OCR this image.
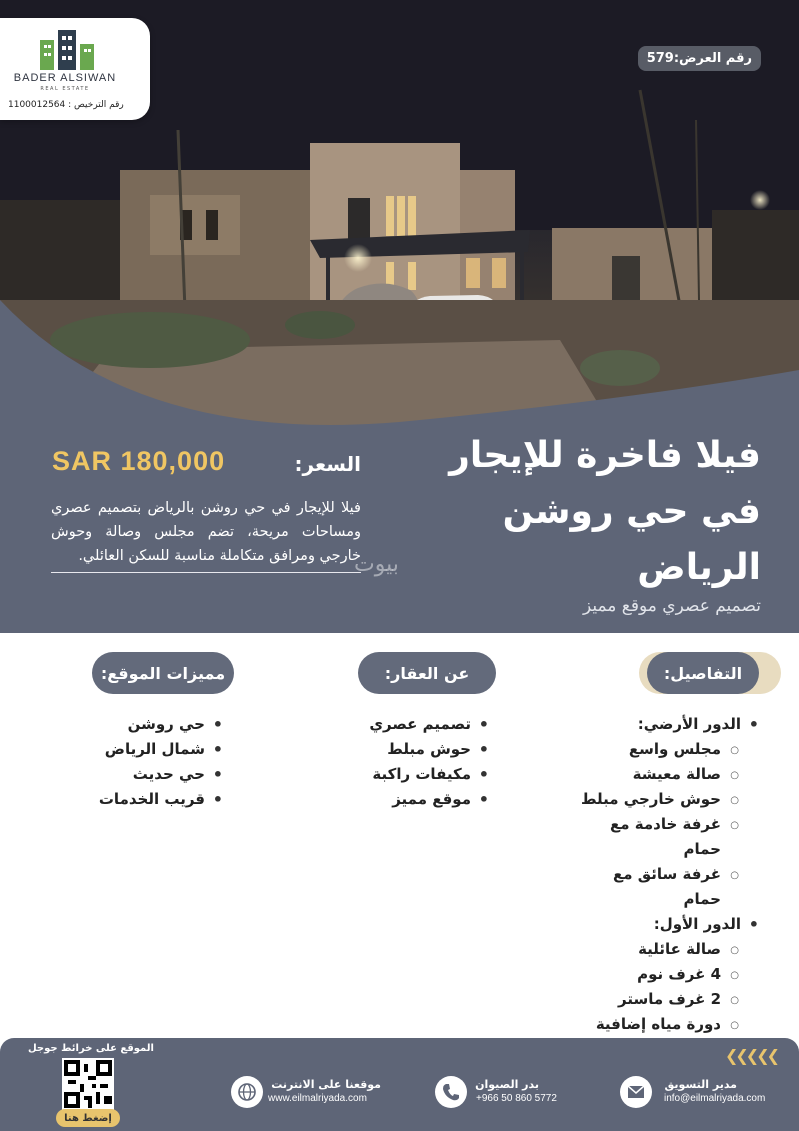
BADER ALSIWAN
REAL ESTATE
رقم الترخيص : 1100012564
رقم العرض:579
فيلا فاخرة للإيجار
في حي روشن
الرياض
تصميم عصري موقع مميز
السعر:
SAR 180,000
فيلا للإيجار في حي روشن بالرياض بتصميم عصري ومساحات مريحة، تضم مجلس وصالة وحوش خارجي ومرافق متكاملة مناسبة للسكن العائلي.
بيوت
التفاصيل:
عن العقار:
مميزات الموقع:
• الدور الأرضي:
○ مجلس واسع
○ صالة معيشة
○ حوش خارجي مبلط
○ غرفة خادمة مع حمام
○ غرفة سائق مع حمام
• الدور الأول:
○ صالة عائلية
○ 4 غرف نوم
○ 2 غرف ماستر
○ دورة مياه إضافية
• تصميم عصري
• حوش مبلط
• مكيفات راكبة
• موقع مميز
• حي روشن
• شمال الرياض
• حي حديث
• قريب الخدمات
❮❮❮❮❮
مدير التسويق
info@eilmalriyada.com
بدر الصيوان
+966 50 860 5772
موقعنا على الانترنت
www.eilmalriyada.com
الموقع على خرائط جوجل
إضغط هنا
